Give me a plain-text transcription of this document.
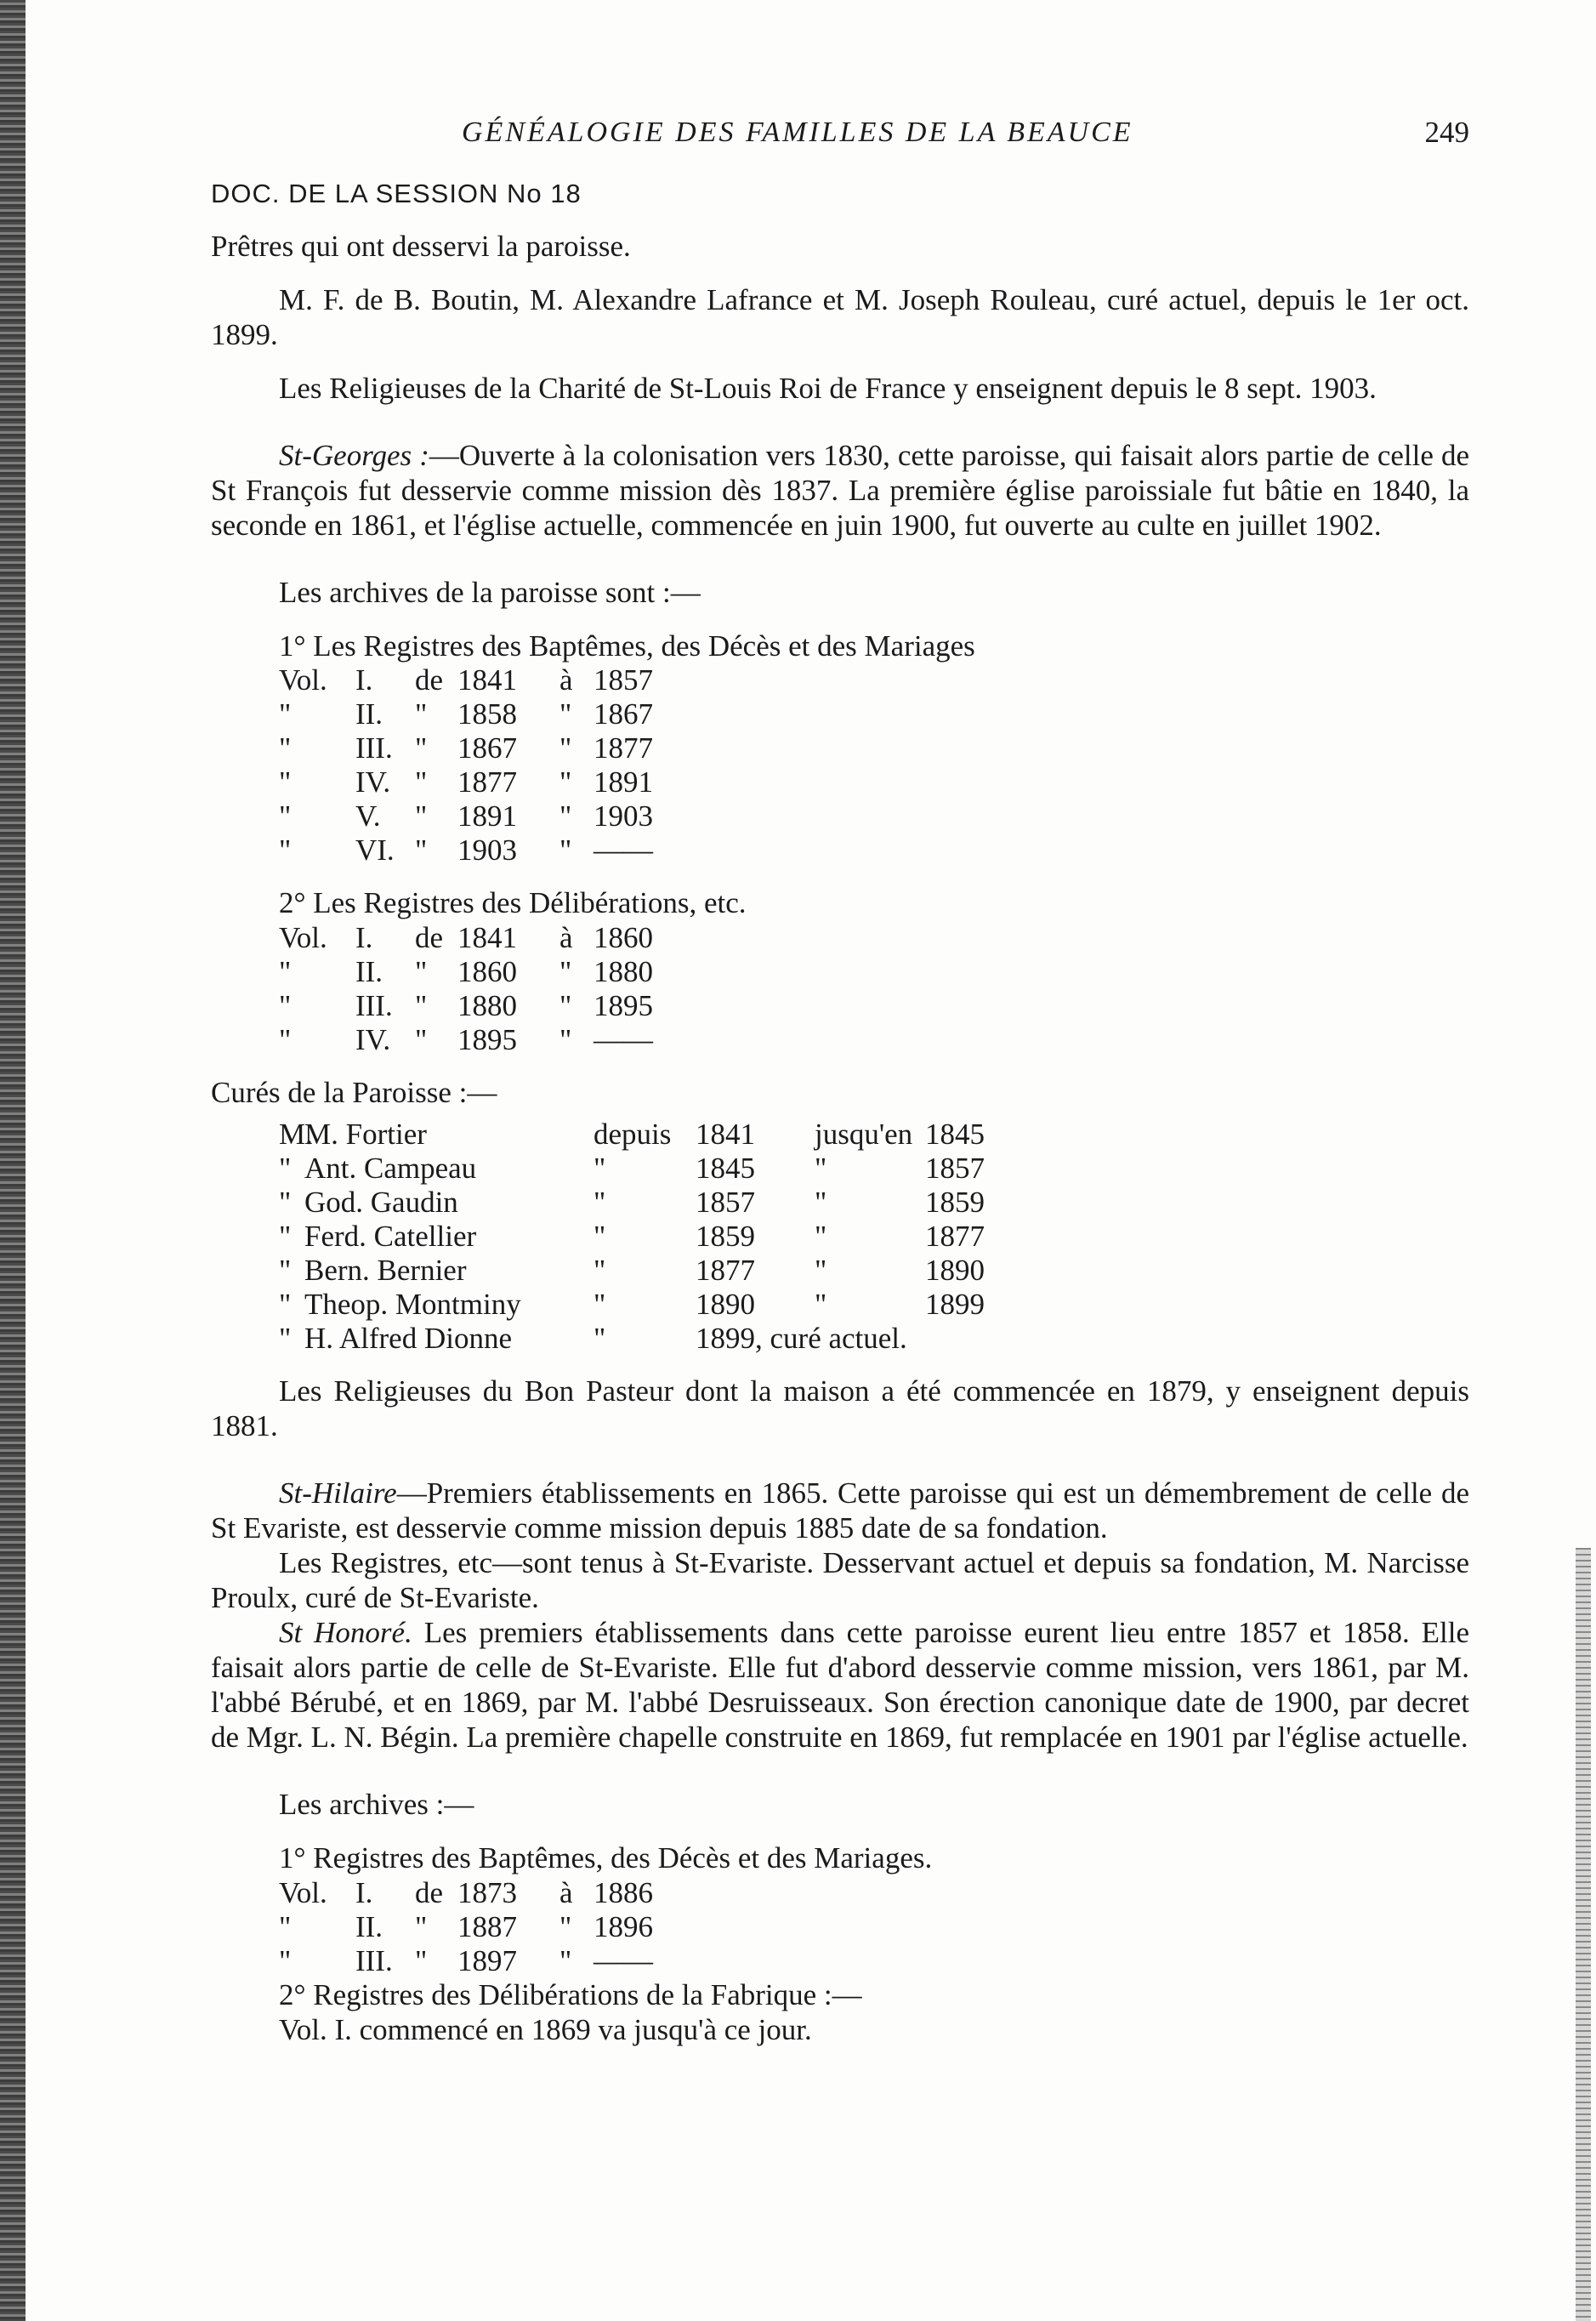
GÉNÉALOGIE DES FAMILLES DE LA BEAUCE	249
DOC. DE LA SESSION No 18

Prêtres qui ont desservi la paroisse.

M. F. de B. Boutin, M. Alexandre Lafrance et M. Joseph Rouleau, curé actuel, depuis le 1er oct. 1899.

Les Religieuses de la Charité de St-Louis Roi de France y enseignent depuis le 8 sept. 1903.

St-Georges :—Ouverte à la colonisation vers 1830, cette paroisse, qui faisait alors partie de celle de St François fut desservie comme mission dès 1837. La première église paroissiale fut bâtie en 1840, la seconde en 1861, et l'église actuelle, commencée en juin 1900, fut ouverte au culte en juillet 1902.

Les archives de la paroisse sont :—

1° Les Registres des Baptêmes, des Décès et des Mariages

Vol. I.	de 1841	à 1857
"	II.	"	1858	" 1867
"	III. "	1867	" 1877
"	IV. "	1877	" 1891
"	V.	"	1891	" 1903
"	VI. "	1903	" ——

2° Les Registres des Délibérations, etc.

Vol. I.	de 1841	à 1860
"	II.	"	1860	" 1880
"	III. "	1880	" 1895
"	IV. "	1895	" ——

Curés de la Paroisse :—

M.
M. Fortier	depuis 1841	jusqu'en 1845
" Ant. Campeau	"	1845	"	1857
" God. Gaudin	"	1857	"	1859
" Ferd. Catellier	"	1859	"	1877
" Bern. Bernier	"	1877	"	1890
" Theop. Montminy	"	1890	"	1899
" H. Alfred Dionne	"	1899, curé actuel.

Les Religieuses du Bon Pasteur dont la maison a été commencée en 1879, y enseignent depuis 1881.

St-Hilaire—Premiers établissements en 1865. Cette paroisse qui est un démembrement de celle de St Evariste, est desservie comme mission depuis 1885 date de sa fondation.

Les Registres, etc—sont tenus à St-Evariste. Desservant actuel et depuis sa fondation, M. Narcisse Proulx, curé de St-Evariste.

St Honoré. Les premiers établissements dans cette paroisse eurent lieu entre 1857 et 1858. Elle faisait alors partie de celle de St-Evariste. Elle fut d'abord desservie comme mission, vers 1861, par M. l'abbé Bérubé, et en 1869, par M. l'abbé Desruisseaux. Son érection canonique date de 1900, par decret de Mgr. L. N. Bégin. La première chapelle construite en 1869, fut remplacée en 1901 par l'église actuelle.

Les archives :—

1° Registres des Baptêmes, des Décès et des Mariages.

Vol. I.	de 1873	à 1886
"	II.	"	1887	" 1896
"	III. "	1897	" ——

2° Registres des Délibérations de la Fabrique :—

Vol. I. commencé en 1869 va jusqu'à ce jour.
